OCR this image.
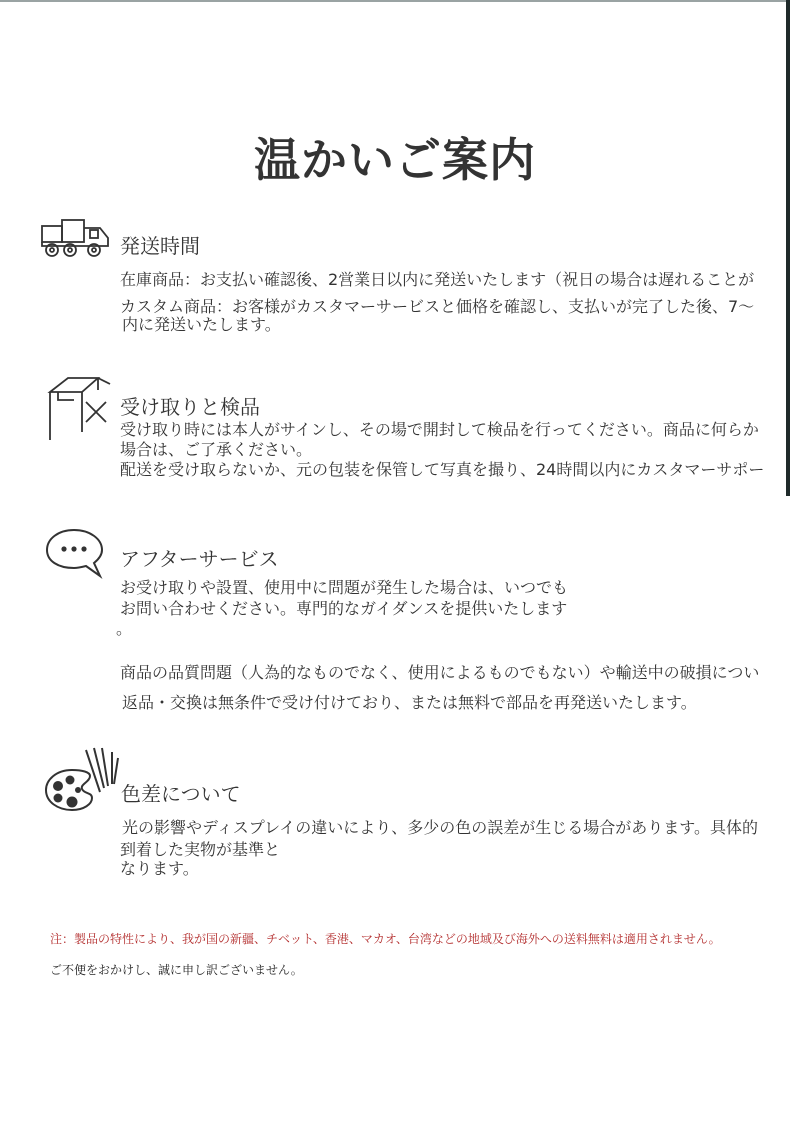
温かいご案内
発送時間
在庫商品：お支払い確認後、2営業日以内に発送いたします（祝日の場合は遅れることが
カスタム商品：お客様がカスタマーサービスと価格を確認し、支払いが完了した後、7〜
内に発送いたします。
受け取りと検品
受け取り時には本人がサインし、その場で開封して検品を行ってください。商品に何らか
場合は、ご了承ください。
配送を受け取らないか、元の包装を保管して写真を撮り、24時間以内にカスタマーサポー
アフターサービス
お受け取りや設置、使用中に問題が発生した場合は、いつでも
お問い合わせください。専門的なガイダンスを提供いたします
。
商品の品質問題（人為的なものでなく、使用によるものでもない）や輸送中の破損につい
返品・交換は無条件で受け付けており、または無料で部品を再発送いたします。
色差について
光の影響やディスプレイの違いにより、多少の色の誤差が生じる場合があります。具体的
到着した実物が基準と
なります。
注：製品の特性により、我が国の新疆、チベット、香港、マカオ、台湾などの地域及び海外への送料無料は適用されません。
ご不便をおかけし、誠に申し訳ございません。
